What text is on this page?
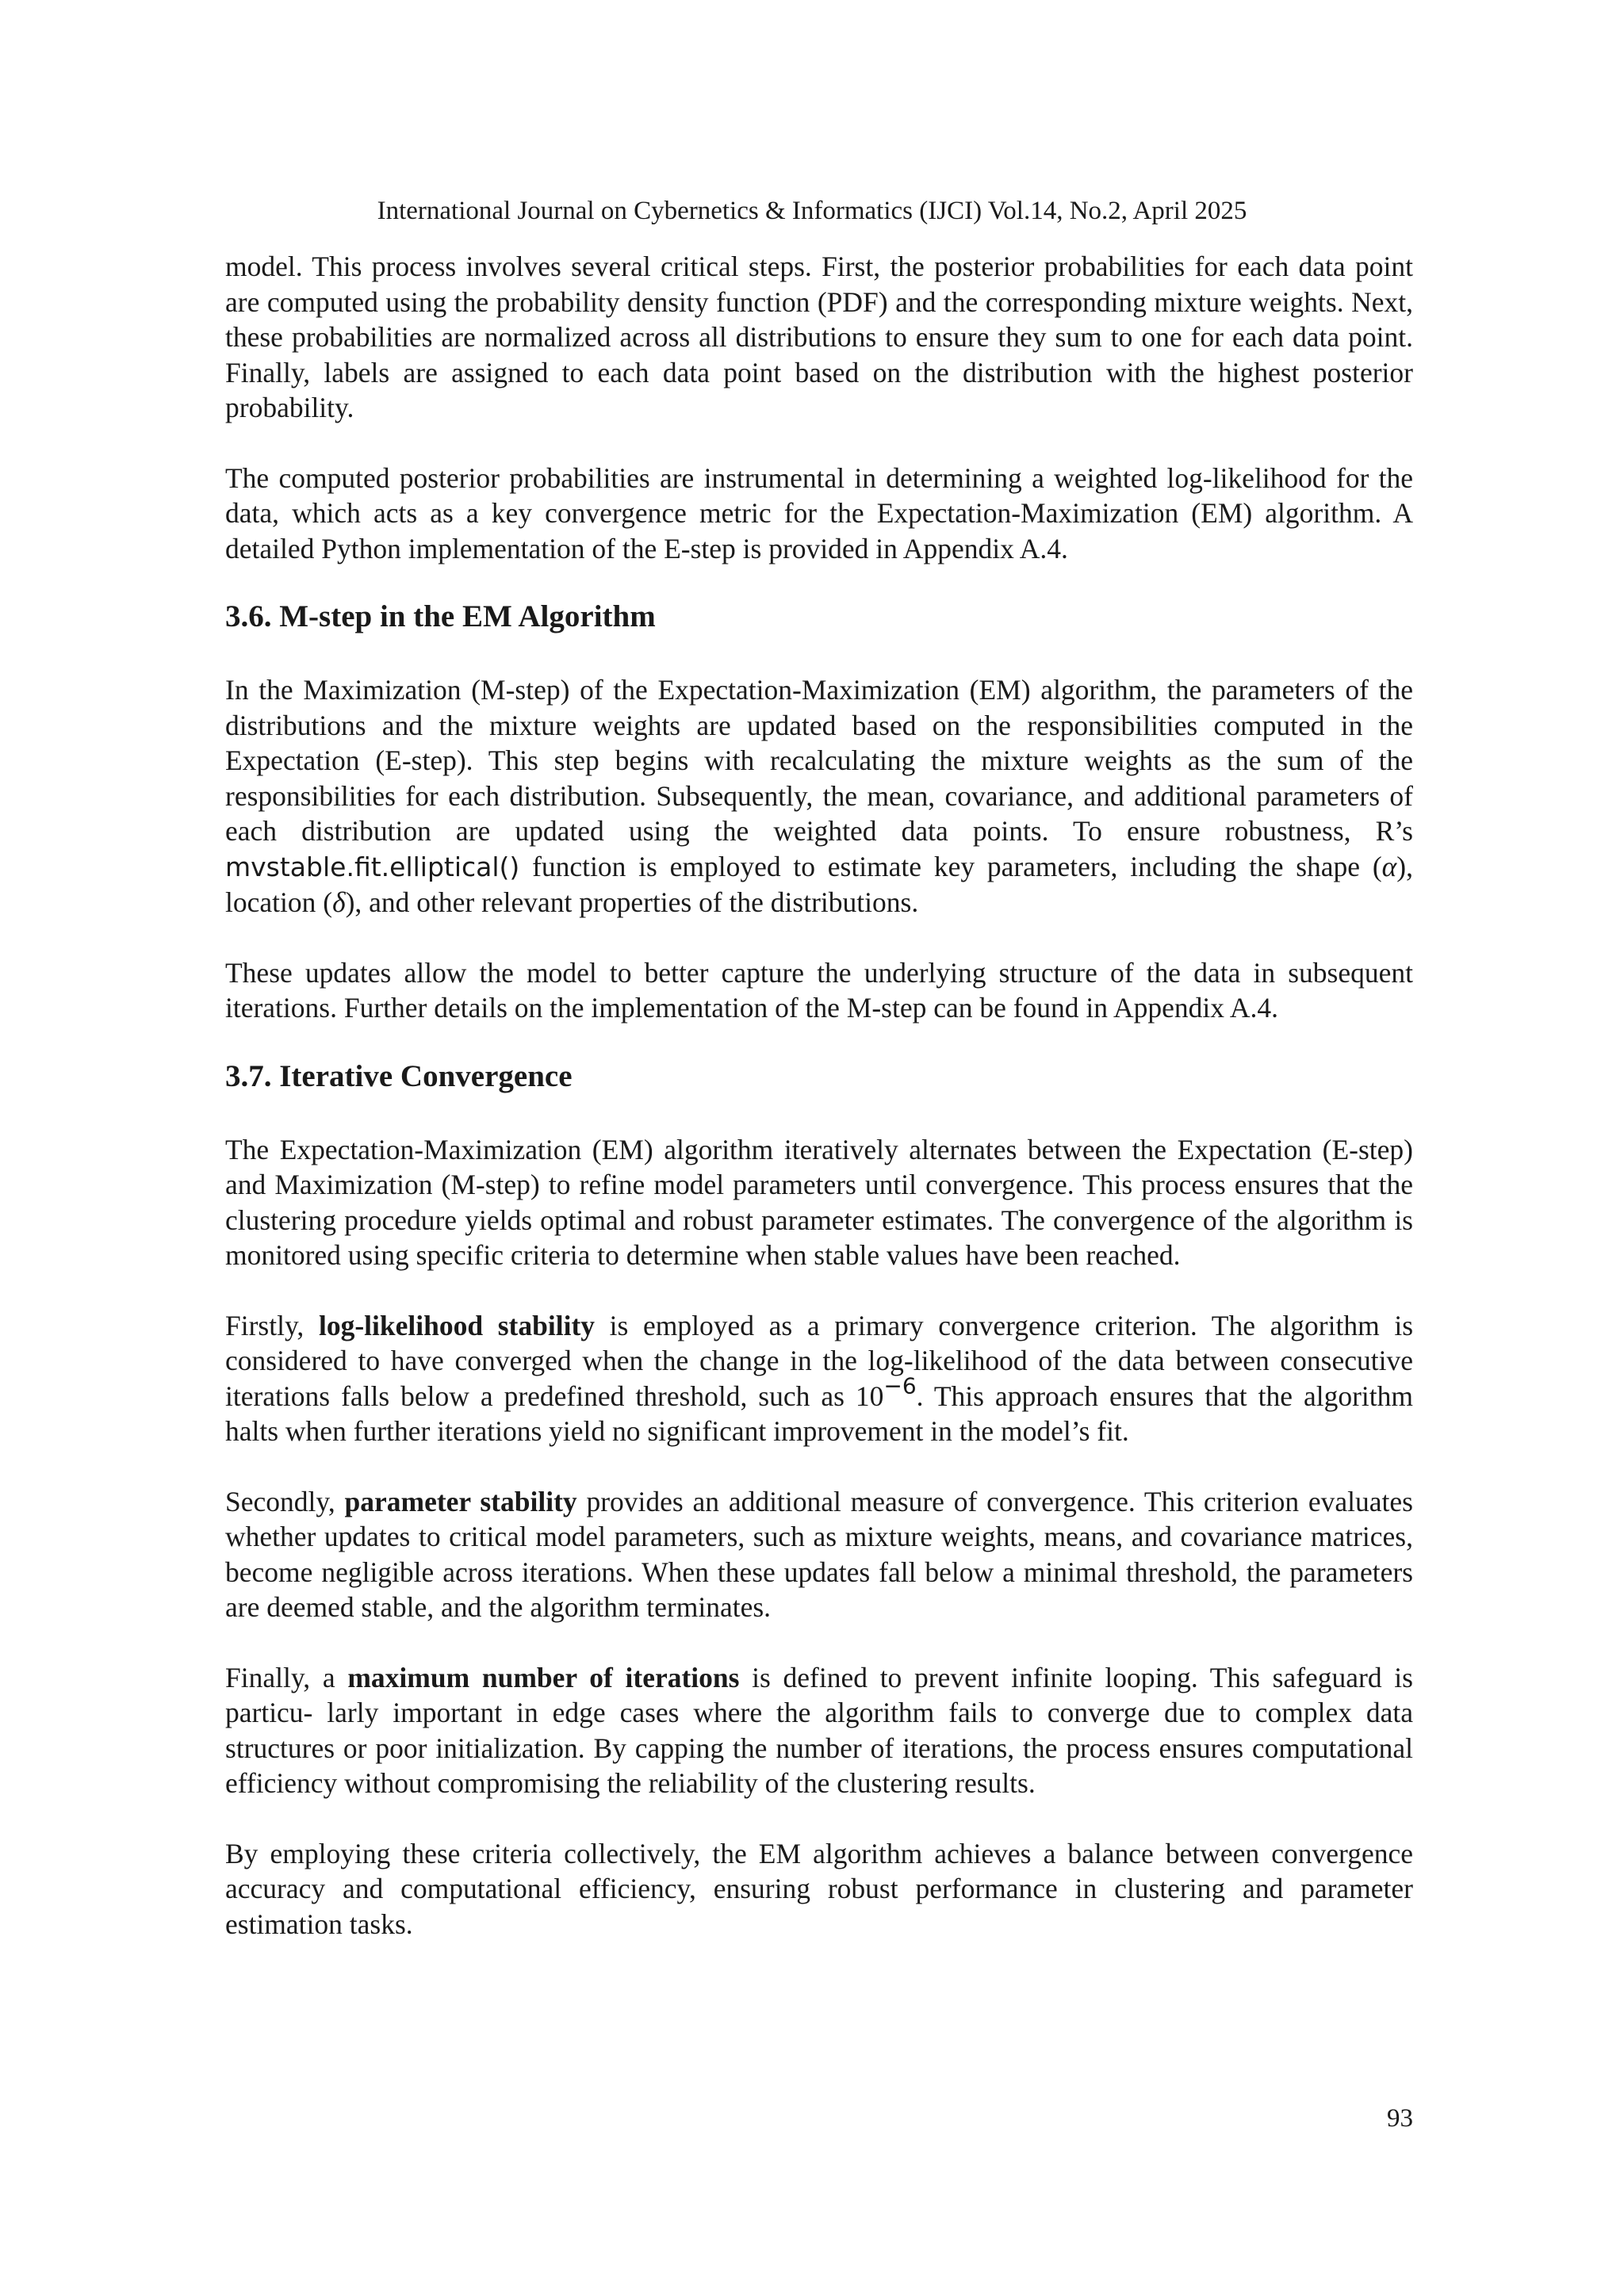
International Journal on Cybernetics & Informatics (IJCI) Vol.14, No.2, April 2025

model. This process involves several critical steps. First, the posterior probabilities for each data point are computed using the probability density function (PDF) and the corresponding mixture weights. Next, these probabilities are normalized across all distributions to ensure they sum to one for each data point. Finally, labels are assigned to each data point based on the distribution with the highest posterior probability.

The computed posterior probabilities are instrumental in determining a weighted log-likelihood for the data, which acts as a key convergence metric for the Expectation-Maximization (EM) algorithm. A detailed Python implementation of the E-step is provided in Appendix A.4.

3.6. M-step in the EM Algorithm

In the Maximization (M-step) of the Expectation-Maximization (EM) algorithm, the parameters of the distributions and the mixture weights are updated based on the responsibilities computed in the Expectation (E-step). This step begins with recalculating the mixture weights as the sum of the responsibilities for each distribution. Subsequently, the mean, covariance, and additional parameters of each distribution are updated using the weighted data points. To ensure robustness, R’s mvstable.fit.elliptical() function is employed to estimate key parameters, including the shape (α), location (δ), and other relevant properties of the distributions.

These updates allow the model to better capture the underlying structure of the data in subsequent iterations. Further details on the implementation of the M-step can be found in Appendix A.4.

3.7. Iterative Convergence

The Expectation-Maximization (EM) algorithm iteratively alternates between the Expectation (E-step) and Maximization (M-step) to refine model parameters until convergence. This process ensures that the clustering procedure yields optimal and robust parameter estimates. The convergence of the algorithm is monitored using specific criteria to determine when stable values have been reached.

Firstly, log-likelihood stability is employed as a primary convergence criterion. The algorithm is considered to have converged when the change in the log-likelihood of the data between consecutive iterations falls below a predefined threshold, such as $10^{-6}$. This approach ensures that the algorithm halts when further iterations yield no significant improvement in the model’s fit.

Secondly, parameter stability provides an additional measure of convergence. This criterion evaluates whether updates to critical model parameters, such as mixture weights, means, and covariance matrices, become negligible across iterations. When these updates fall below a minimal threshold, the parameters are deemed stable, and the algorithm terminates.

Finally, a maximum number of iterations is defined to prevent infinite looping. This safeguard is particu- larly important in edge cases where the algorithm fails to converge due to complex data structures or poor initialization. By capping the number of iterations, the process ensures computational efficiency without compromising the reliability of the clustering results.

By employing these criteria collectively, the EM algorithm achieves a balance between convergence accuracy and computational efficiency, ensuring robust performance in clustering and parameter estimation tasks.

93
